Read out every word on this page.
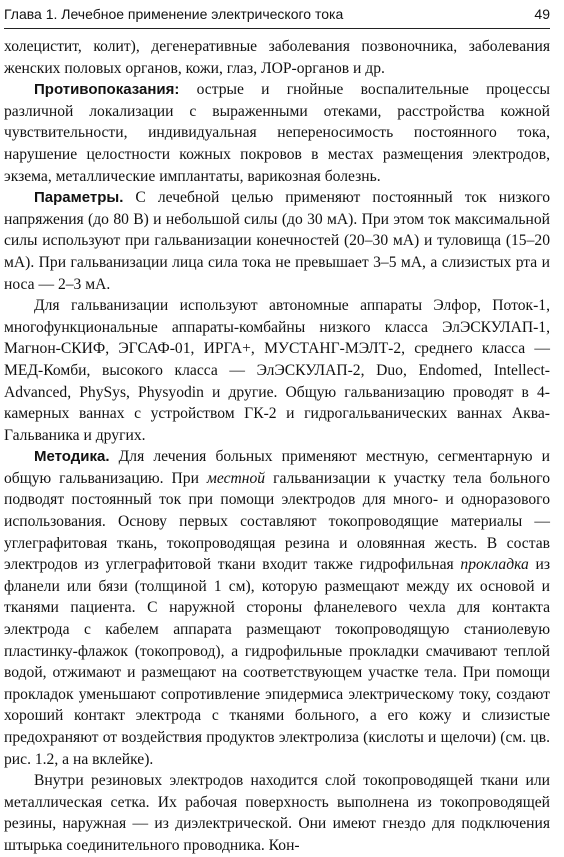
Глава 1. Лечебное применение электрического тока	49

холецистит, колит), дегенеративные заболевания позвоночника, заболевания женских половых органов, кожи, глаз, ЛОР-органов и др.

Противопоказания: острые и гнойные воспалительные процессы различной локализации с выраженными отеками, расстройства кожной чувствительности, индивидуальная непереносимость постоянного тока, нарушение целостности кожных покровов в местах размещения электродов, экзема, металлические имплантаты, варикозная болезнь.

Параметры. С лечебной целью применяют постоянный ток низкого напряжения (до 80 В) и небольшой силы (до 30 мА). При этом ток максимальной силы используют при гальванизации конечностей (20–30 мА) и туловища (15–20 мА). При гальванизации лица сила тока не превышает 3–5 мА, а слизистых рта и носа — 2–3 мА.

Для гальванизации используют автономные аппараты Элфор, Поток-1, многофункциональные аппараты-комбайны низкого класса ЭлЭСКУЛАП-1, Магнон-СКИФ, ЭГСАФ-01, ИРГА+, МУСТАНГ-МЭЛТ-2, среднего класса — МЕД-Комби, высокого класса — ЭлЭСКУЛАП-2, Duo, Endomed, Intellect-Advanced, PhySys, Physyodin и другие. Общую гальванизацию проводят в 4-камерных ваннах с устройством ГК-2 и гидрогальванических ваннах Аква-Гальваника и других.

Методика. Для лечения больных применяют местную, сегментарную и общую гальванизацию. При местной гальванизации к участку тела больного подводят постоянный ток при помощи электродов для много- и одноразового использования. Основу первых составляют токопроводящие материалы — углеграфитовая ткань, токопроводящая резина и оловянная жесть. В состав электродов из углеграфитовой ткани входит также гидрофильная прокладка из фланели или бязи (толщиной 1 см), которую размещают между их основой и тканями пациента. С наружной стороны фланелевого чехла для контакта электрода с кабелем аппарата размещают токопроводящую станиолевую пластинку-флажок (токопровод), а гидрофильные прокладки смачивают теплой водой, отжимают и размещают на соответствующем участке тела. При помощи прокладок уменьшают сопротивление эпидермиса электрическому току, создают хороший контакт электрода с тканями больного, а его кожу и слизистые предохраняют от воздействия продуктов электролиза (кислоты и щелочи) (см. цв. рис. 1.2, а на вклейке).

Внутри резиновых электродов находится слой токопроводящей ткани или металлическая сетка. Их рабочая поверхность выполнена из токопроводящей резины, наружная — из диэлектрической. Они имеют гнездо для подключения штырька соединительного проводника. Кон-
